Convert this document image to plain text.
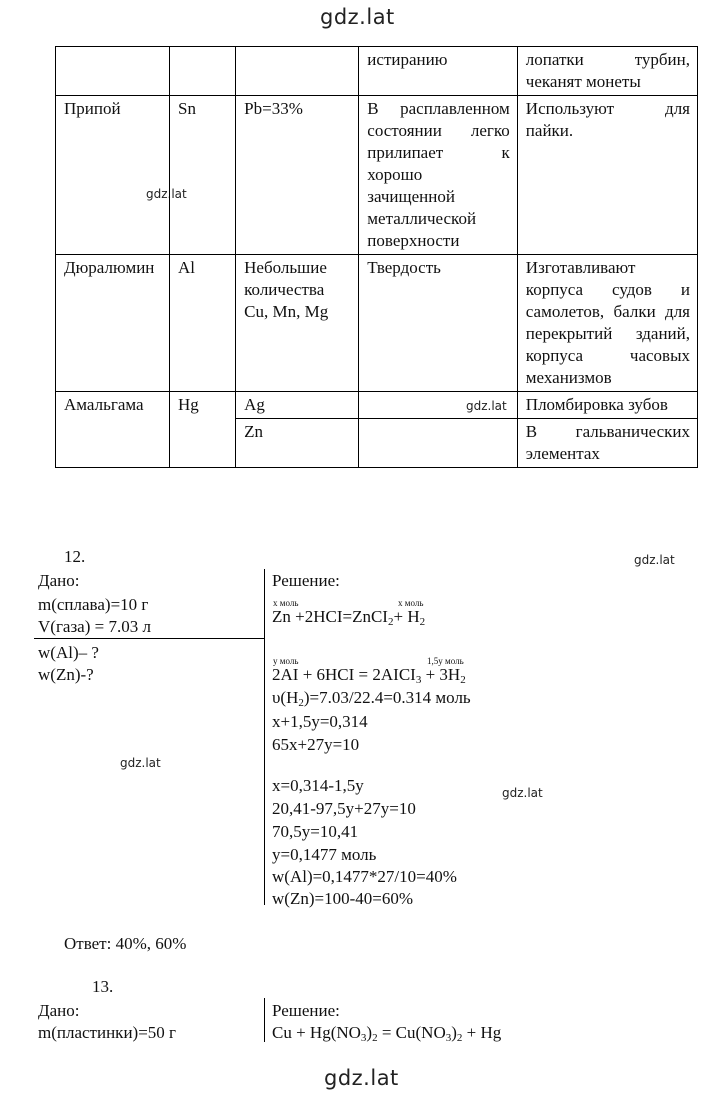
gdz.lat
gdz.lat
gdz.lat
gdz.lat
gdz.lat
gdz.lat
gdz.lat
			истиранию	лопатки турбин, чеканят монеты
Припой	Sn	Pb=33%	В расплавленном состоянии легко прилипает к хорошо зачищенной металлической поверхности	Используют для пайки.
Дюралюмин	Al	Небольшие количества Cu, Mn, Mg	Твердость	Изготавливают корпуса судов и самолетов, балки для перекрытий зданий, корпуса часовых механизмов
Амальгама	Hg	Ag		Пломбировка зубов
		Zn		В гальванических элементах
12.
Дано:
m(сплава)=10 г
V(газа) = 7.03 л
w(Al)– ?
w(Zn)-?
Решение:
х моль	х моль
Zn +2HCI=ZnCI$_2$+ $H_2$
у моль	1,5у моль
$2AI + 6HCI = 2AICI_3 + 3H_2$
$\upsilon(H_2)=7.03/22.4=0.314$ моль
x+1,5y=0,314
65x+27y=10
x=0,314-1,5y
20,41-97,5y+27y=10
70,5y=10,41
y=0,1477 моль
w(Al)=0,1477*27/10=40%
w(Zn)=100-40=60%
Ответ: 40%, 60%
13.
Дано:
m(пластинки)=50 г
Решение:
$Cu + Hg(NO_3)_2 = Cu(NO_3)_2 + Hg$
